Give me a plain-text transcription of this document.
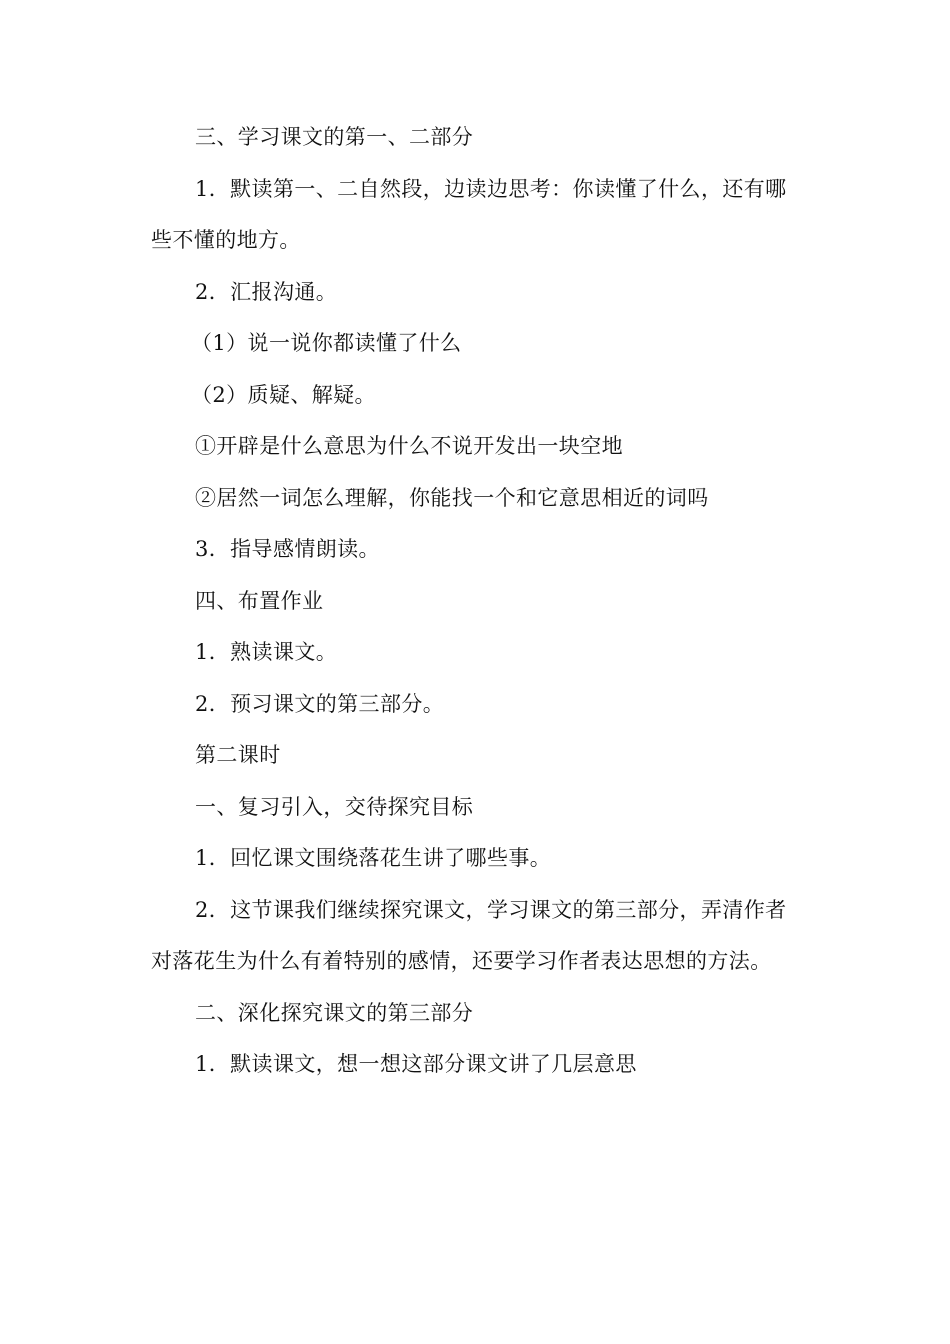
三、学习课文的第一、二部分

1．默读第一、二自然段，边读边思考：你读懂了什么，还有哪些不懂的地方。

2．汇报沟通。

（1）说一说你都读懂了什么

（2）质疑、解疑。

①开辟是什么意思为什么不说开发出一块空地

②居然一词怎么理解，你能找一个和它意思相近的词吗

3．指导感情朗读。

四、布置作业

1．熟读课文。

2．预习课文的第三部分。

第二课时

一、复习引入，交待探究目标

1．回忆课文围绕落花生讲了哪些事。

2．这节课我们继续探究课文，学习课文的第三部分，弄清作者对落花生为什么有着特别的感情，还要学习作者表达思想的方法。

二、深化探究课文的第三部分

1．默读课文，想一想这部分课文讲了几层意思
